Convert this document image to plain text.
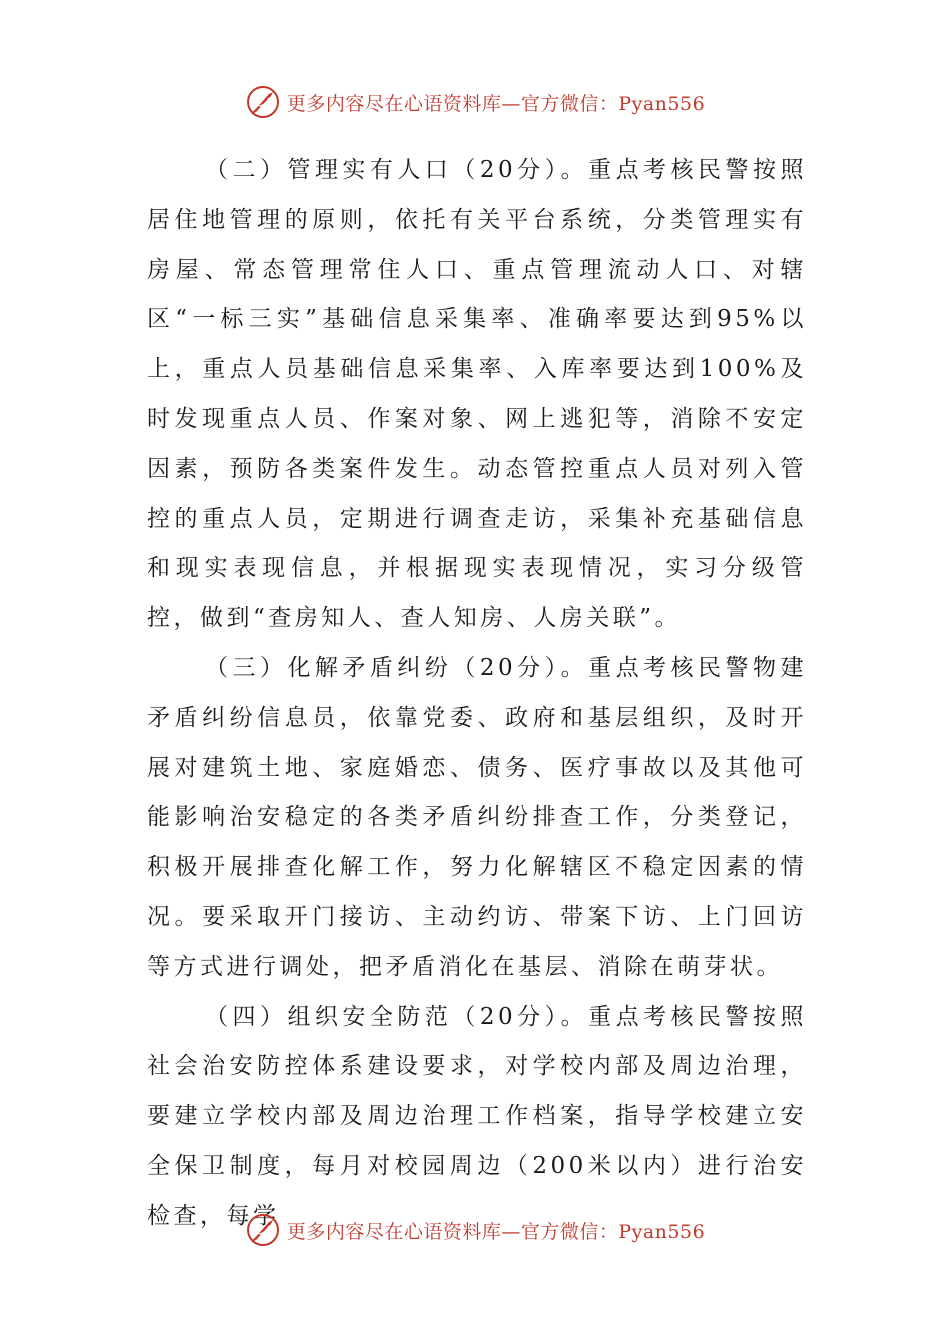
更多内容尽在心语资料库—官方微信：Pyan556

（二）管理实有人口（20分）。重点考核民警按照居住地管理的原则，依托有关平台系统，分类管理实有房屋、常态管理常住人口、重点管理流动人口、对辖区“一标三实”基础信息采集率、准确率要达到95%以上，重点人员基础信息采集率、入库率要达到100%及时发现重点人员、作案对象、网上逃犯等，消除不安定因素，预防各类案件发生。动态管控重点人员对列入管控的重点人员，定期进行调查走访，采集补充基础信息和现实表现信息，并根据现实表现情况，实习分级管控，做到“查房知人、查人知房、人房关联”。

（三）化解矛盾纠纷（20分）。重点考核民警物建矛盾纠纷信息员，依靠党委、政府和基层组织，及时开展对建筑土地、家庭婚恋、债务、医疗事故以及其他可能影响治安稳定的各类矛盾纠纷排查工作，分类登记，积极开展排查化解工作，努力化解辖区不稳定因素的情况。要采取开门接访、主动约访、带案下访、上门回访等方式进行调处，把矛盾消化在基层、消除在萌芽状。

（四）组织安全防范（20分）。重点考核民警按照社会治安防控体系建设要求，对学校内部及周边治理，要建立学校内部及周边治理工作档案，指导学校建立安全保卫制度，每月对校园周边（200米以内）进行治安检查，每学

更多内容尽在心语资料库—官方微信：Pyan556
